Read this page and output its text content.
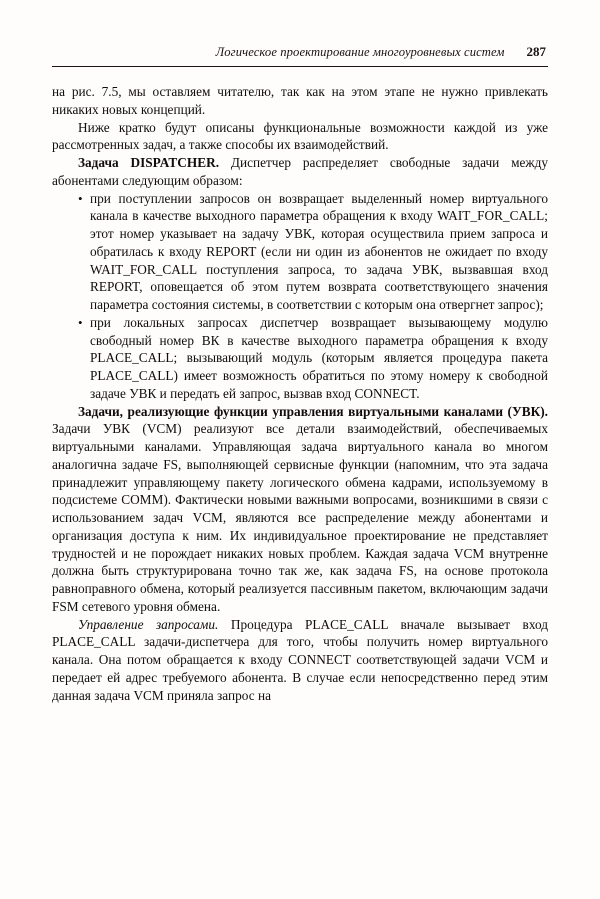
Логическое проектирование многоуровневых систем 287

на рис. 7.5, мы оставляем читателю, так как на этом этапе не нужно привлекать никаких новых концепций.

Ниже кратко будут описаны функциональные возможности каждой из уже рассмотренных задач, а также способы их взаимодействий.

Задача DISPATCHER. Диспетчер распределяет свободные задачи между абонентами следующим образом:

• при поступлении запросов он возвращает выделенный номер виртуального канала в качестве выходного параметра обращения к входу WAIT_FOR_CALL; этот номер указывает на задачу УВК, которая осуществила прием запроса и обратилась к входу REPORT (если ни один из абонентов не ожидает по входу WAIT_FOR_CALL поступления запроса, то задача УВК, вызвавшая вход REPORT, оповещается об этом путем возврата соответствующего значения параметра состояния системы, в соответствии с которым она отвергнет запрос);
• при локальных запросах диспетчер возвращает вызывающему модулю свободный номер ВК в качестве выходного параметра обращения к входу PLACE_CALL; вызывающий модуль (которым является процедура пакета PLACE_CALL) имеет возможность обратиться по этому номеру к свободной задаче УВК и передать ей запрос, вызвав вход CONNECT.

Задачи, реализующие функции управления виртуальными каналами (УВК). Задачи УВК (VCM) реализуют все детали взаимодействий, обеспечиваемых виртуальными каналами. Управляющая задача виртуального канала во многом аналогична задаче FS, выполняющей сервисные функции (напомним, что эта задача принадлежит управляющему пакету логического обмена кадрами, используемому в подсистеме COMM). Фактически новыми важными вопросами, возникшими в связи с использованием задач VCM, являются все распределение между абонентами и организация доступа к ним. Их индивидуальное проектирование не представляет трудностей и не порождает никаких новых проблем. Каждая задача VCM внутренне должна быть структурирована точно так же, как задача FS, на основе протокола равноправного обмена, который реализуется пассивным пакетом, включающим задачи FSM сетевого уровня обмена.

Управление запросами. Процедура PLACE_CALL вначале вызывает вход PLACE_CALL задачи-диспетчера для того, чтобы получить номер виртуального канала. Она потом обращается к входу CONNECT соответствующей задачи VCM и передает ей адрес требуемого абонента. В случае если непосредственно перед этим данная задача VCM приняла запрос на
